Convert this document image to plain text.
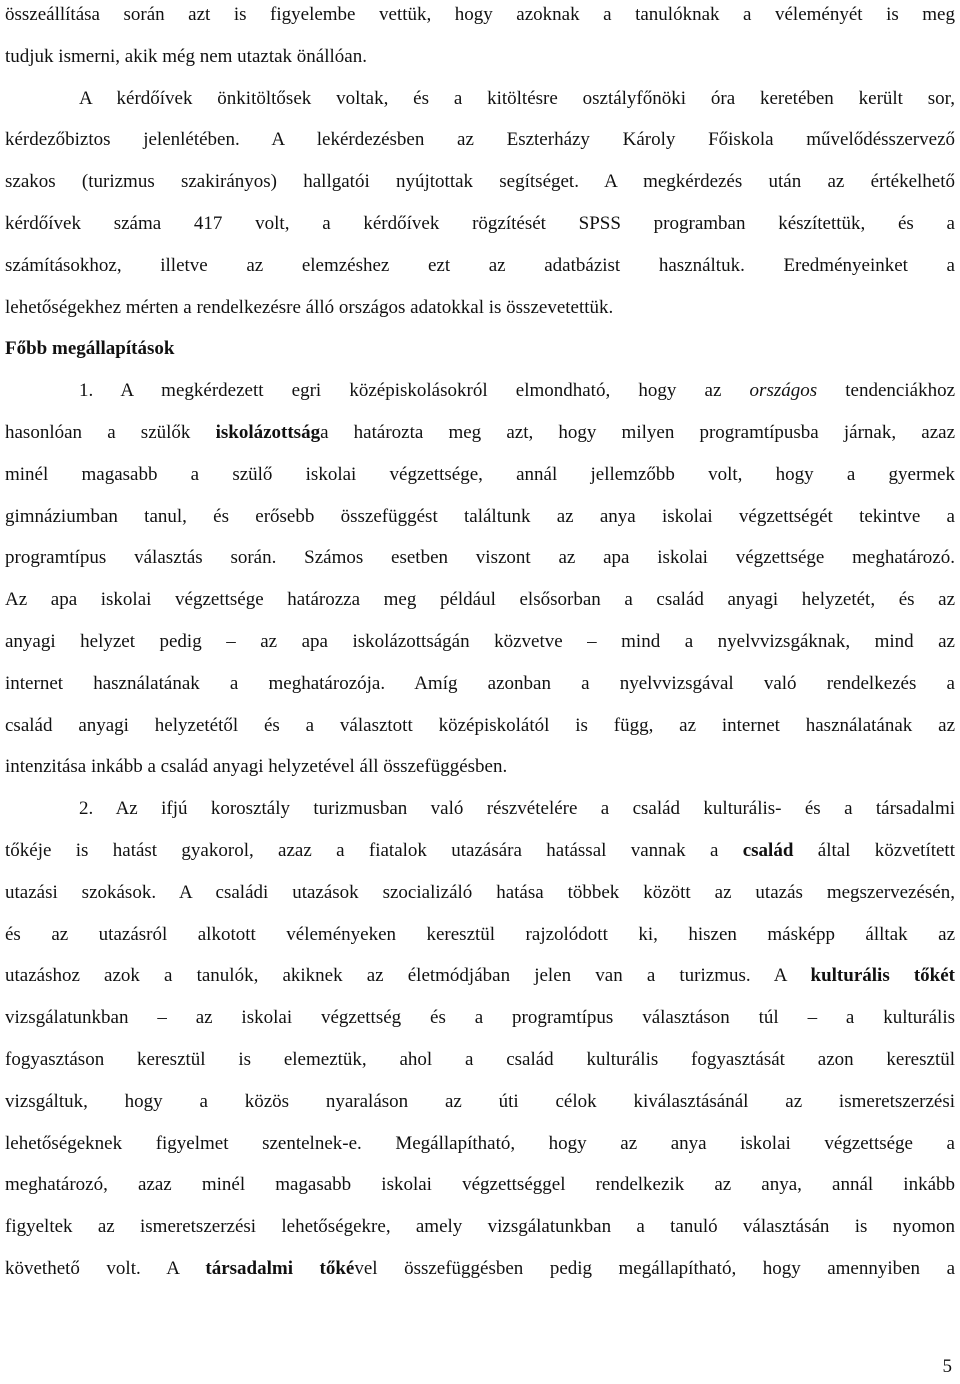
összeállítása során azt is figyelembe vettük, hogy azoknak a tanulóknak a véleményét is meg
tudjuk ismerni, akik még nem utaztak önállóan.
A kérdőívek önkitöltősek voltak, és a kitöltésre osztályfőnöki óra keretében került sor,
kérdezőbiztos jelenlétében. A lekérdezésben az Eszterházy Károly Főiskola művelődésszervező
szakos (turizmus szakirányos) hallgatói nyújtottak segítséget. A megkérdezés után az értékelhető
kérdőívek száma 417 volt, a kérdőívek rögzítését SPSS programban készítettük, és a
számításokhoz, illetve az elemzéshez ezt az adatbázist használtuk. Eredményeinket a
lehetőségekhez mérten a rendelkezésre álló országos adatokkal is összevetettük.
Főbb megállapítások
1. A megkérdezett egri középiskolásokról elmondható, hogy az országos tendenciákhoz
hasonlóan a szülők iskolázottsága határozta meg azt, hogy milyen programtípusba járnak, azaz
minél magasabb a szülő iskolai végzettsége, annál jellemzőbb volt, hogy a gyermek
gimnáziumban tanul, és erősebb összefüggést találtunk az anya iskolai végzettségét tekintve a
programtípus választás során. Számos esetben viszont az apa iskolai végzettsége meghatározó.
Az apa iskolai végzettsége határozza meg például elsősorban a család anyagi helyzetét, és az
anyagi helyzet pedig – az apa iskolázottságán közvetve – mind a nyelvvizsgáknak, mind az
internet használatának a meghatározója. Amíg azonban a nyelvvizsgával való rendelkezés a
család anyagi helyzetétől és a választott középiskolától is függ, az internet használatának az
intenzitása inkább a család anyagi helyzetével áll összefüggésben.
2. Az ifjú korosztály turizmusban való részvételére a család kulturális- és a társadalmi
tőkéje is hatást gyakorol, azaz a fiatalok utazására hatással vannak a család által közvetített
utazási szokások. A családi utazások szocializáló hatása többek között az utazás megszervezésén,
és az utazásról alkotott véleményeken keresztül rajzolódott ki, hiszen másképp álltak az
utazáshoz azok a tanulók, akiknek az életmódjában jelen van a turizmus. A kulturális tőkét
vizsgálatunkban – az iskolai végzettség és a programtípus választáson túl – a kulturális
fogyasztáson keresztül is elemeztük, ahol a család kulturális fogyasztását azon keresztül
vizsgáltuk, hogy a közös nyaraláson az úti célok kiválasztásánál az ismeretszerzési
lehetőségeknek figyelmet szentelnek-e. Megállapítható, hogy az anya iskolai végzettsége a
meghatározó, azaz minél magasabb iskolai végzettséggel rendelkezik az anya, annál inkább
figyeltek az ismeretszerzési lehetőségekre, amely vizsgálatunkban a tanuló választásán is nyomon
követhető volt. A társadalmi tőkével összefüggésben pedig megállapítható, hogy amennyiben a
5
